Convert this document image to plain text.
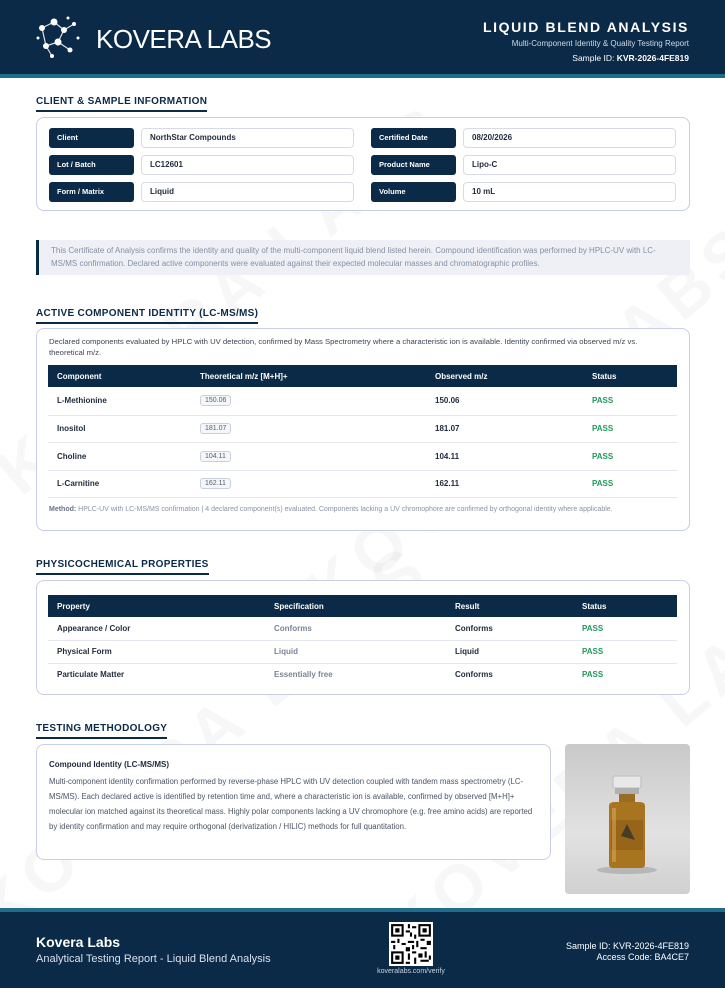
KOVERA LABS	LIQUID BLEND ANALYSIS
Multi-Component Identity & Quality Testing Report
Sample ID: KVR-2026-4FE819
CLIENT & SAMPLE INFORMATION
Client	NorthStar Compounds	Certified Date	08/20/2026
Lot / Batch	LC12601	Product Name	Lipo-C
Form / Matrix	Liquid	Volume	10 mL
This Certificate of Analysis confirms the identity and quality of the multi-component liquid blend listed herein. Compound identification was performed by HPLC-UV with LC-MS/MS confirmation. Declared active components were evaluated against their expected molecular masses and chromatographic profiles.
ACTIVE COMPONENT IDENTITY (LC-MS/MS)
Declared components evaluated by HPLC with UV detection, confirmed by Mass Spectrometry where a characteristic ion is available. Identity confirmed via observed m/z vs. theoretical m/z.
Component	Theoretical m/z [M+H]+	Observed m/z	Status
L-Methionine	150.06	150.06	PASS
Inositol	181.07	181.07	PASS
Choline	104.11	104.11	PASS
L-Carnitine	162.11	162.11	PASS
Method: HPLC-UV with LC-MS/MS confirmation | 4 declared component(s) evaluated. Components lacking a UV chromophore are confirmed by orthogonal identity where applicable.
PHYSICOCHEMICAL PROPERTIES
Property	Specification	Result	Status
Appearance / Color	Conforms	Conforms	PASS
Physical Form	Liquid	Liquid	PASS
Particulate Matter	Essentially free	Conforms	PASS
TESTING METHODOLOGY
Compound Identity (LC-MS/MS)
Multi-component identity confirmation performed by reverse-phase HPLC with UV detection coupled with tandem mass spectrometry (LC-MS/MS). Each declared active is identified by retention time and, where a characteristic ion is available, confirmed by observed [M+H]+ molecular ion matched against its theoretical mass. Highly polar components lacking a UV chromophore (e.g. free amino acids) are reported by identity confirmation and may require orthogonal (derivatization / HILIC) methods for full quantitation.
Kovera Labs
Analytical Testing Report - Liquid Blend Analysis
koveralabs.com/verify
Sample ID: KVR-2026-4FE819
Access Code: BA4CE7
